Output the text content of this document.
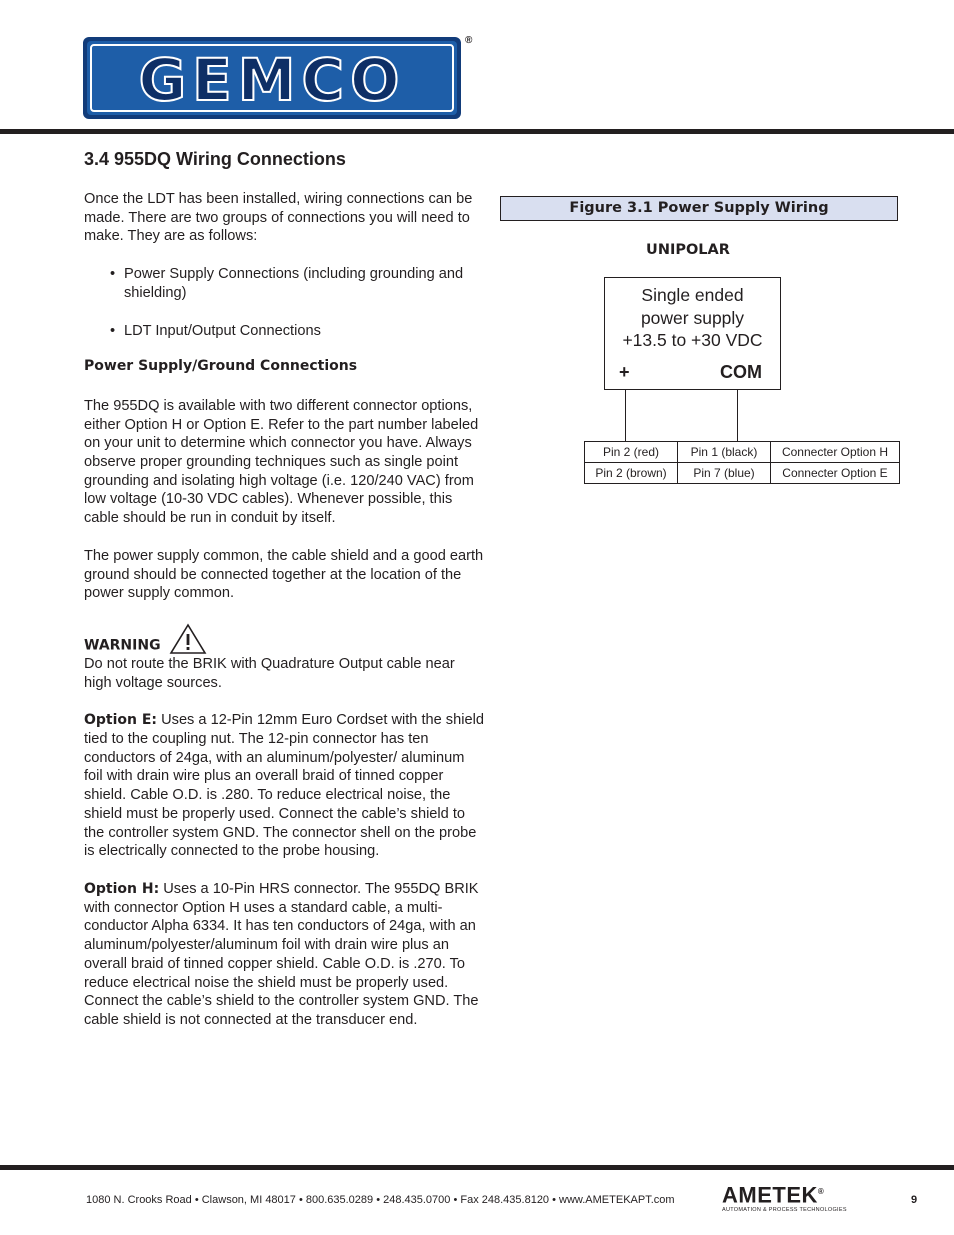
GEMCO
®
3.4 955DQ Wiring Connections

Once the LDT has been installed, wiring connections can be made. There are two groups of connections you will need to make. They are as follows:

• Power Supply Connections (including grounding and shielding)
• LDT Input/Output Connections

Power Supply/Ground Connections

The 955DQ is available with two different connector options, either Option H or Option E. Refer to the part number labeled on your unit to determine which connector you have. Always observe proper grounding techniques such as single point grounding and isolating high voltage (i.e. 120/240 VAC) from low voltage (10-30 VDC cables). Whenever possible, this cable should be run in conduit by itself.

The power supply common, the cable shield and a good earth ground should be connected together at the location of the power supply common.

WARNING

Do not route the BRIK with Quadrature Output cable near high voltage sources.

Option E: Uses a 12-Pin 12mm Euro Cordset with the shield tied to the coupling nut. The 12-pin connector has ten conductors of 24ga, with an aluminum/polyester/ aluminum foil with drain wire plus an overall braid of tinned copper shield. Cable O.D. is .280. To reduce electrical noise, the shield must be properly used. Connect the cable’s shield to the controller system GND. The connector shell on the probe is electrically connected to the probe housing.

Option H: Uses a 10-Pin HRS connector. The 955DQ BRIK with connector Option H uses a standard cable, a multi-conductor Alpha 6334. It has ten conductors of 24ga, with an aluminum/polyester/aluminum foil with drain wire plus an overall braid of tinned copper shield. Cable O.D. is .270. To reduce electrical noise the shield must be properly used. Connect the cable’s shield to the controller system GND. The cable shield is not connected at the transducer end.

Figure 3.1 Power Supply Wiring
UNIPOLAR
Single ended
power supply
+13.5 to +30 VDC
+	COM
Pin 2 (red)	Pin 1 (black)	Connecter Option H
Pin 2 (brown)	Pin 7 (blue)	Connecter Option E
1080 N. Crooks Road • Clawson, MI 48017 • 800.635.0289 • 248.435.0700 • Fax 248.435.8120 • www.AMETEKAPT.com AMETEK®
AUTOMATION & PROCESS TECHNOLOGIES
9
